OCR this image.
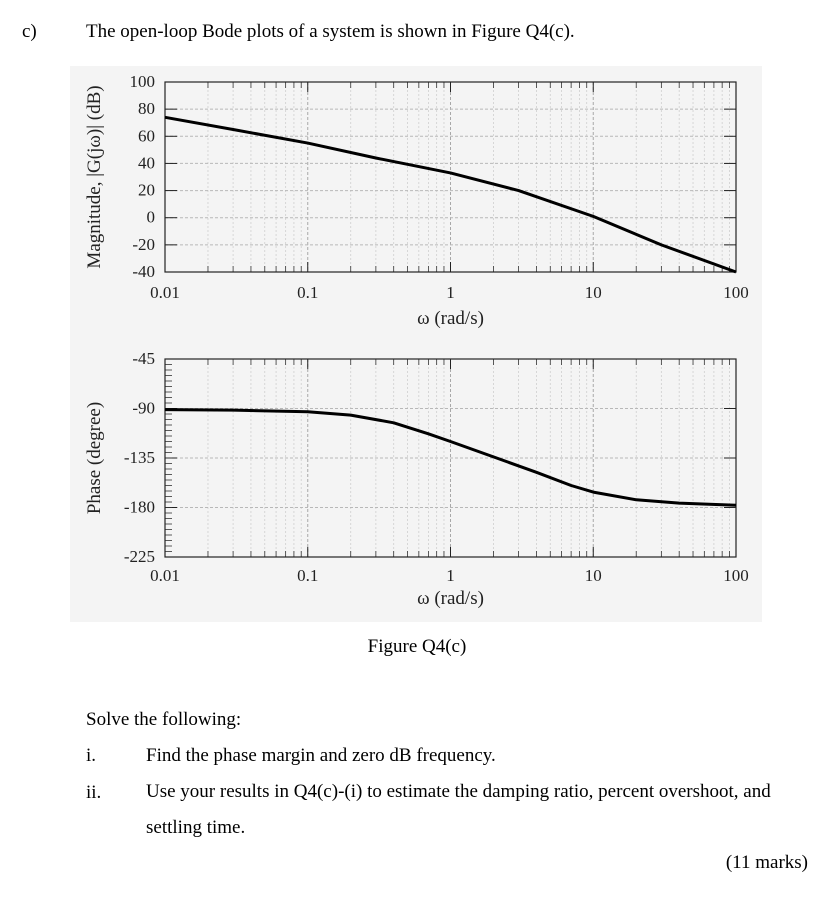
c)	The open-loop Bode plots of a system is shown in Figure Q4(c).
100
80
60
40
20
0
-20
-40
0.01	0.1	1	10	100
ω (rad/s)
Magnitude, |G(jω)| (dB)
-45
-90
-135
-180
-225
0.01	0.1	1	10	100
ω (rad/s)
Phase (degree)
Figure Q4(c)
Solve the following:
i.	Find the phase margin and zero dB frequency.
ii. Use your results in Q4(c)-(i) to estimate the damping ratio, percent overshoot, and settling time.
(11 marks)
